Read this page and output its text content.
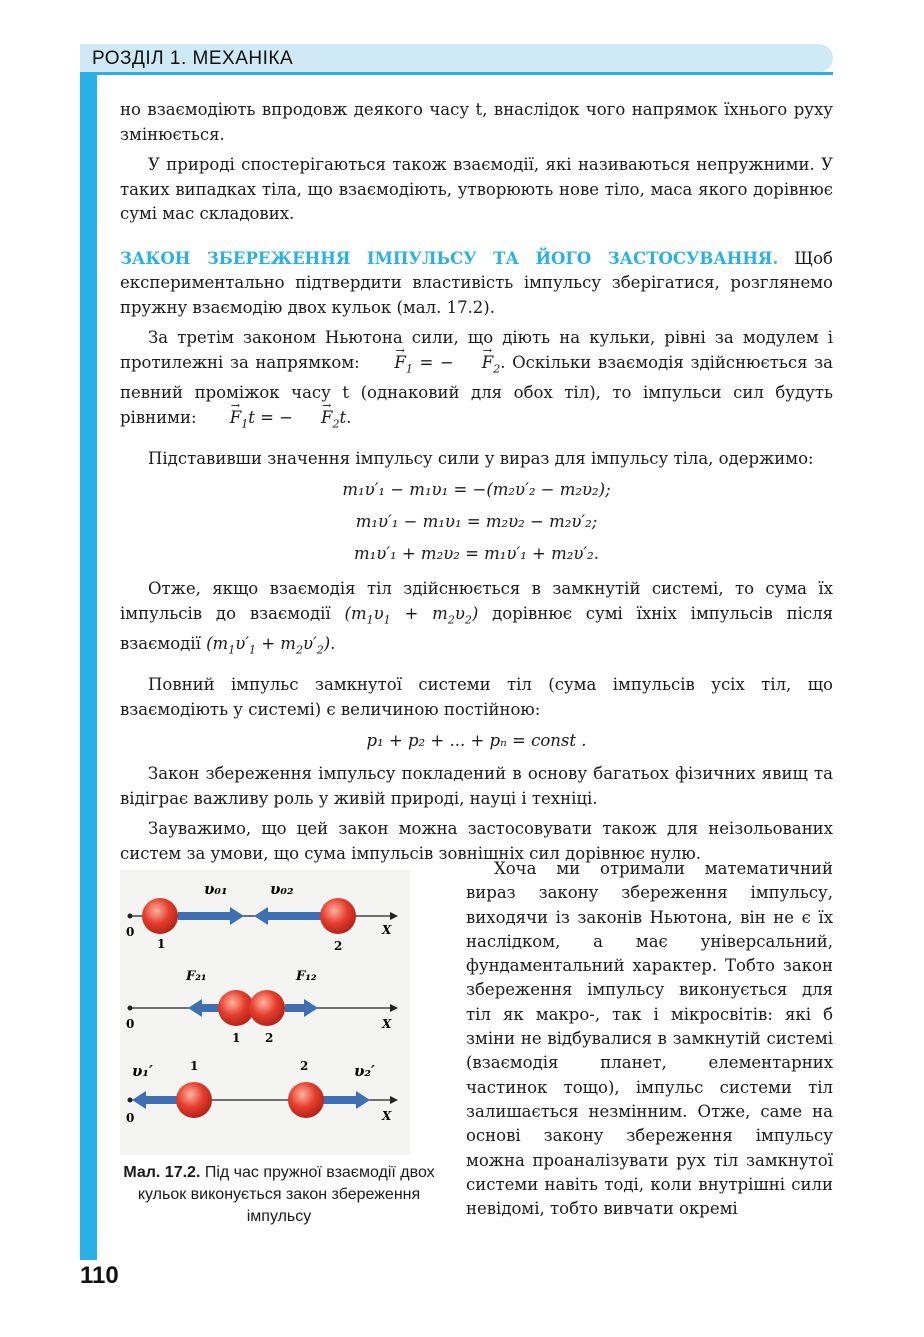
РОЗДІЛ 1. МЕХАНІКА

но взаємодіють впродовж деякого часу t, внаслідок чого напрямок їхнього руху змінюється.

У природі спостерігаються також взаємодії, які називаються непружними. У таких випадках тіла, що взаємодіють, утворюють нове тіло, маса якого дорівнює сумі мас складових.

ЗАКОН ЗБЕРЕЖЕННЯ ІМПУЛЬСУ ТА ЙОГО ЗАСТОСУВАННЯ. Щоб експериментально підтвердити властивість імпульсу зберігатися, розглянемо пружну взаємодію двох кульок (мал. 17.2).

За третім законом Ньютона сили, що діють на кульки, рівні за модулем і протилежні за напрямком: → $F_1$ = − → $F_2$. Оскільки взаємодія здійснюється за певний проміжок часу t (однаковий для обох тіл), то імпульси сил будуть рівними: → $F_1t$ = − → $F_2t$.

Підставивши значення імпульсу сили у вираз для імпульсу тіла, одержимо:

m₁υ′₁ − m₁υ₁ = −(m₂υ′₂ − m₂υ₂);
m₁υ′₁ − m₁υ₁ = m₂υ₂ − m₂υ′₂;
m₁υ′₁ + m₂υ₂ = m₁υ′₁ + m₂υ′₂.

Отже, якщо взаємодія тіл здійснюється в замкнутій системі, то сума їх імпульсів до взаємодії $(m_1\upsilon_1 + m_2\upsilon_2)$ дорівнює сумі їхніх імпульсів після взаємодії $(m_1\upsilon'_1 + m_2\upsilon'_2)$.

Повний імпульс замкнутої системи тіл (сума імпульсів усіх тіл, що взаємодіють у системі) є величиною постійною:

p₁ + p₂ + ... + pₙ = const .

Закон збереження імпульсу покладений в основу багатьох фізичних явищ та відіграє важливу роль у живій природі, науці і техніці.

Зауважимо, що цей закон можна застосовувати також для неізольованих систем за умови, що сума імпульсів зовнішніх сил дорівнює нулю.

υ₀₁	υ₀₂
0	X
1	2
F₂₁	F₁₂
0	X
1 2
υ₁′	υ₂′
1	2
0	X
Мал. 17.2. Під час пружної взаємодії двох кульок виконується закон збереження імпульсу

Хоча ми отримали математичний вираз закону збереження імпульсу, виходячи із законів Ньютона, він не є їх наслідком, а має універсальний, фундаментальний характер. Тобто закон збереження імпульсу виконується для тіл як макро-, так і мікросвітів: які б зміни не відбувалися в замкнутій системі (взаємодія планет, елементарних частинок тощо), імпульс системи тіл залишається незмінним. Отже, саме на основі закону збереження імпульсу можна проаналізувати рух тіл замкнутої системи навіть тоді, коли внутрішні сили невідомі, тобто вивчати окремі

110
